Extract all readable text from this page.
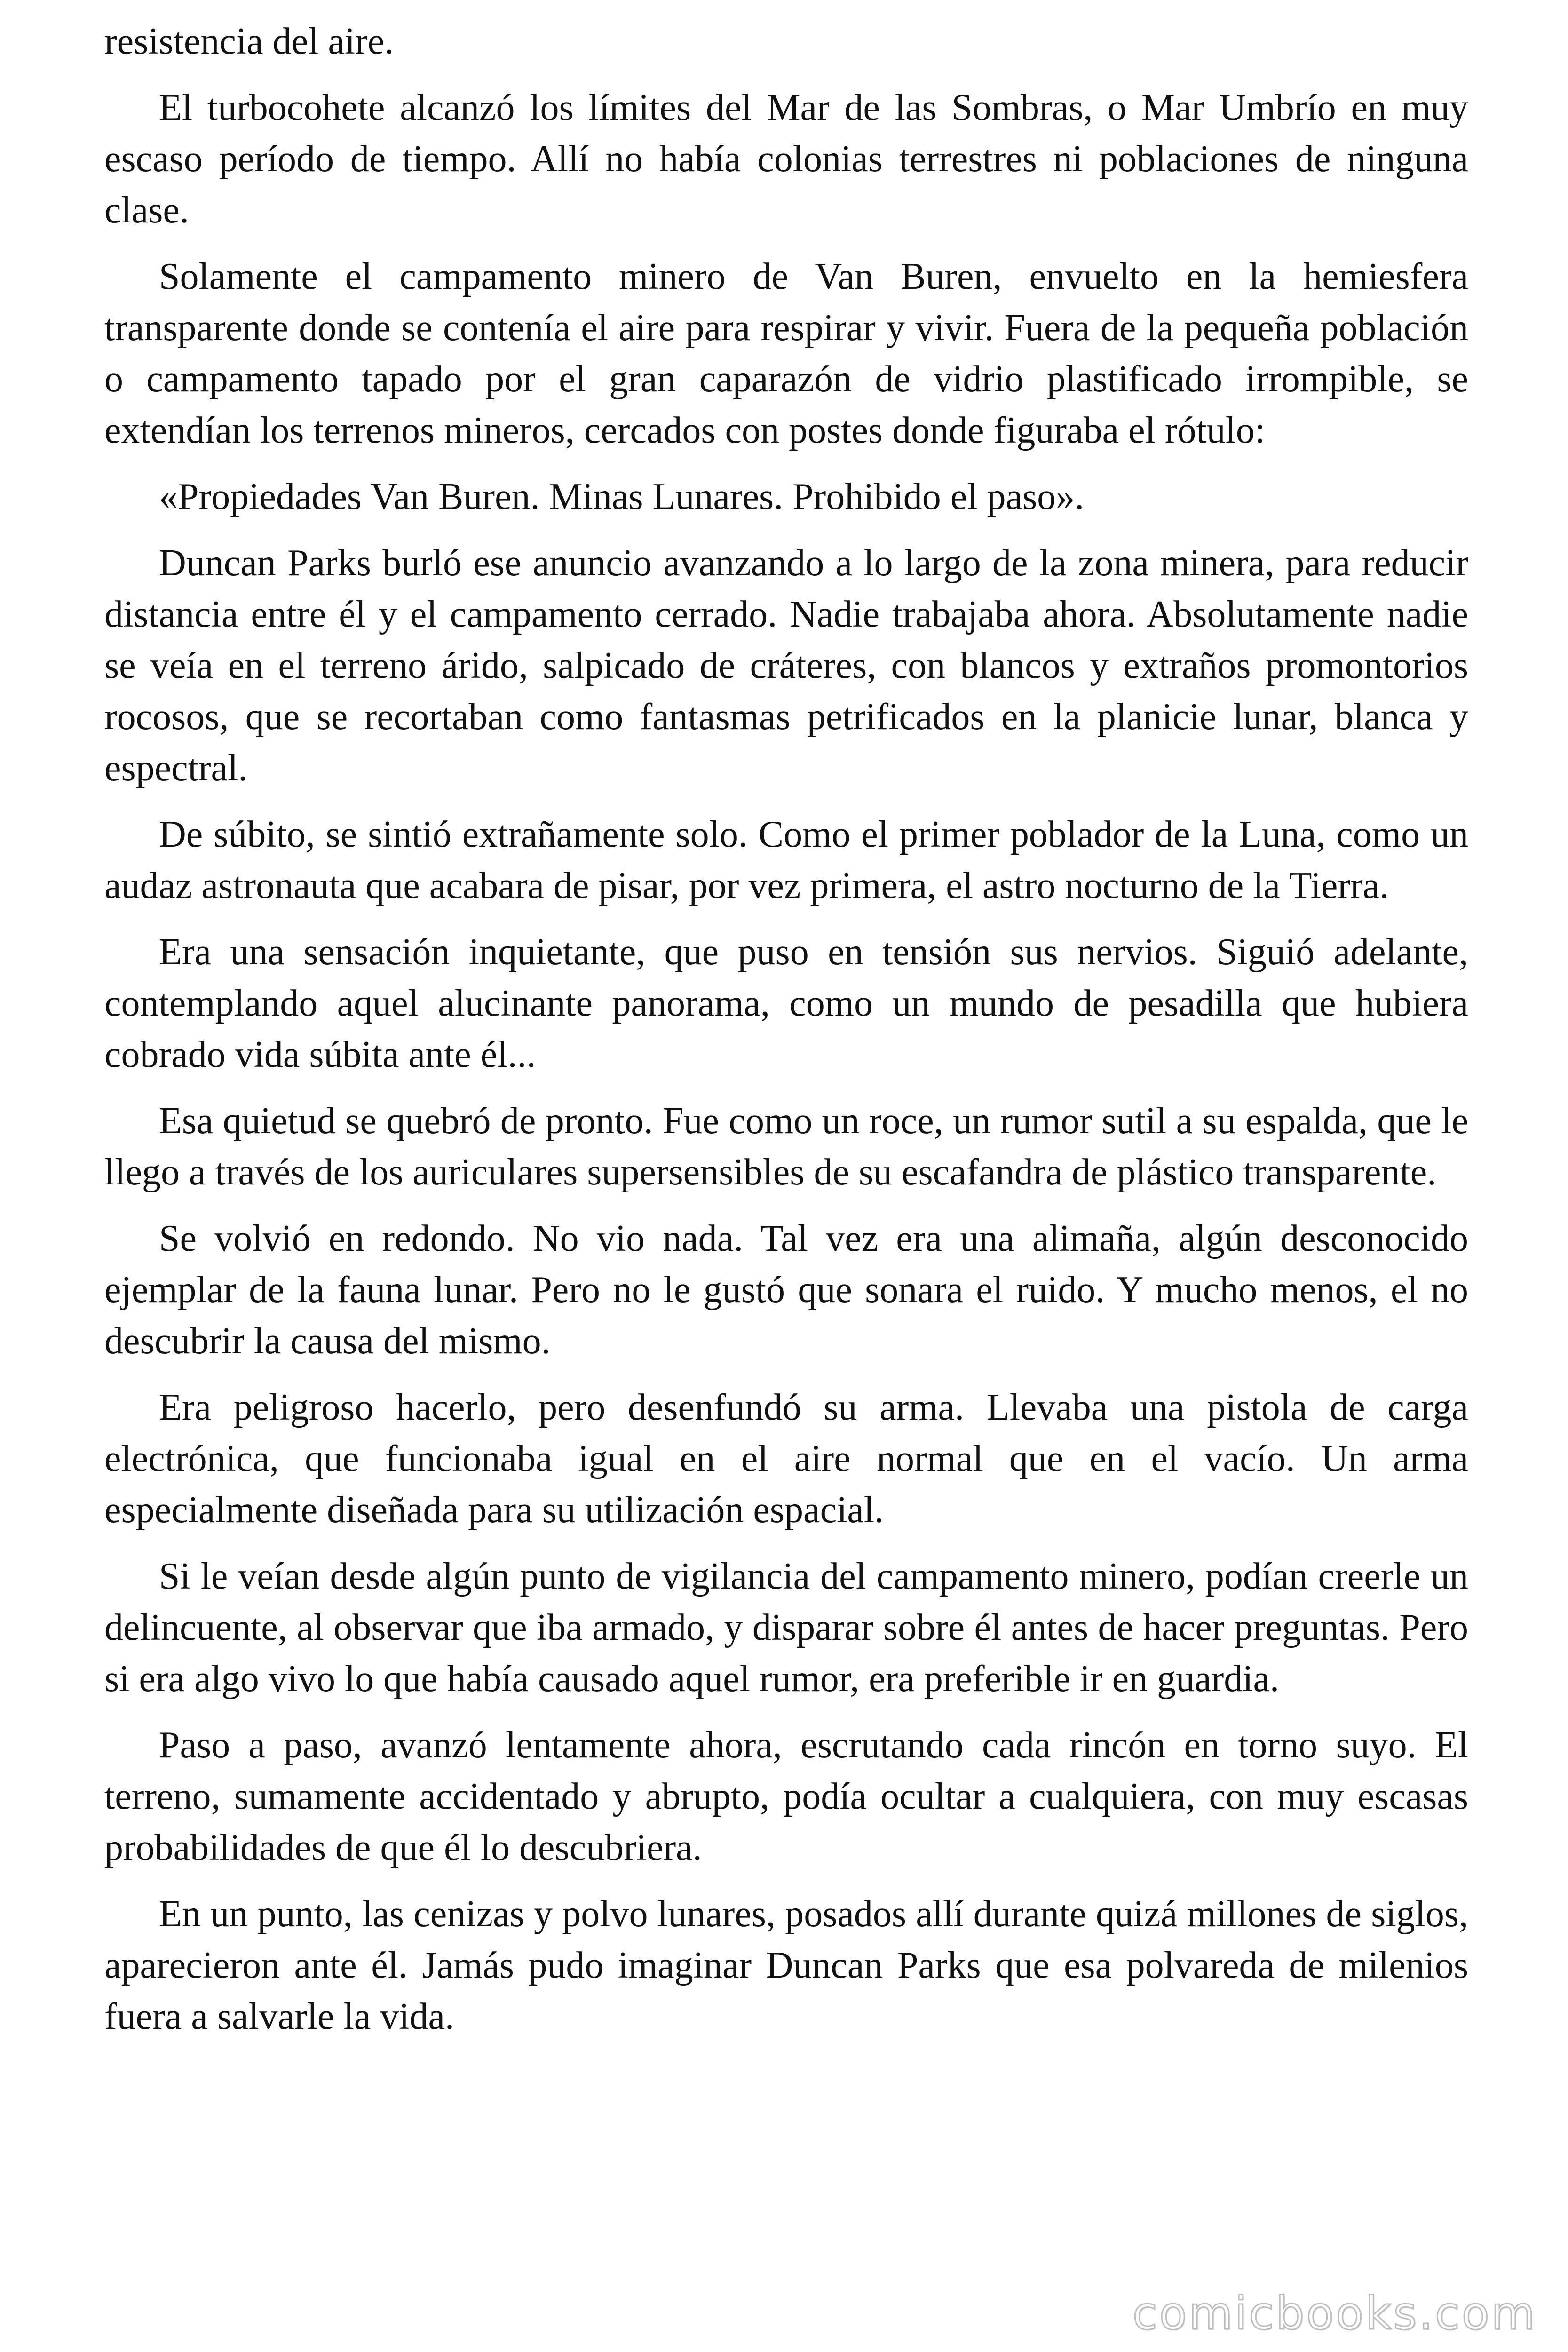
resistencia del aire.

El turbocohete alcanzó los límites del Mar de las Sombras, o Mar Umbrío en muy escaso período de tiempo. Allí no había colonias terrestres ni poblaciones de ninguna clase.

Solamente el campamento minero de Van Buren, envuelto en la hemiesfera transparente donde se contenía el aire para respirar y vivir. Fuera de la pequeña población o campamento tapado por el gran caparazón de vidrio plastificado irrompible, se extendían los terrenos mineros, cercados con postes donde figuraba el rótulo:

«Propiedades Van Buren. Minas Lunares. Prohibido el paso».

Duncan Parks burló ese anuncio avanzando a lo largo de la zona minera, para reducir distancia entre él y el campamento cerrado. Nadie trabajaba ahora. Absolutamente nadie se veía en el terreno árido, salpicado de cráteres, con blancos y extraños promontorios rocosos, que se recortaban como fantasmas petrificados en la planicie lunar, blanca y espectral.

De súbito, se sintió extrañamente solo. Como el primer poblador de la Luna, como un audaz astronauta que acabara de pisar, por vez primera, el astro nocturno de la Tierra.

Era una sensación inquietante, que puso en tensión sus nervios. Siguió adelante, contemplando aquel alucinante panorama, como un mundo de pesadilla que hubiera cobrado vida súbita ante él...

Esa quietud se quebró de pronto. Fue como un roce, un rumor sutil a su espalda, que le llego a través de los auriculares supersensibles de su escafandra de plástico transparente.

Se volvió en redondo. No vio nada. Tal vez era una alimaña, algún desconocido ejemplar de la fauna lunar. Pero no le gustó que sonara el ruido. Y mucho menos, el no descubrir la causa del mismo.

Era peligroso hacerlo, pero desenfundó su arma. Llevaba una pistola de carga electrónica, que funcionaba igual en el aire normal que en el vacío. Un arma especialmente diseñada para su utilización espacial.

Si le veían desde algún punto de vigilancia del campamento minero, podían creerle un delincuente, al observar que iba armado, y disparar sobre él antes de hacer preguntas. Pero si era algo vivo lo que había causado aquel rumor, era preferible ir en guardia.

Paso a paso, avanzó lentamente ahora, escrutando cada rincón en torno suyo. El terreno, sumamente accidentado y abrupto, podía ocultar a cualquiera, con muy escasas probabilidades de que él lo descubriera.

En un punto, las cenizas y polvo lunares, posados allí durante quizá millones de siglos, aparecieron ante él. Jamás pudo imaginar Duncan Parks que esa polvareda de milenios fuera a salvarle la vida.

comicbooks.com
